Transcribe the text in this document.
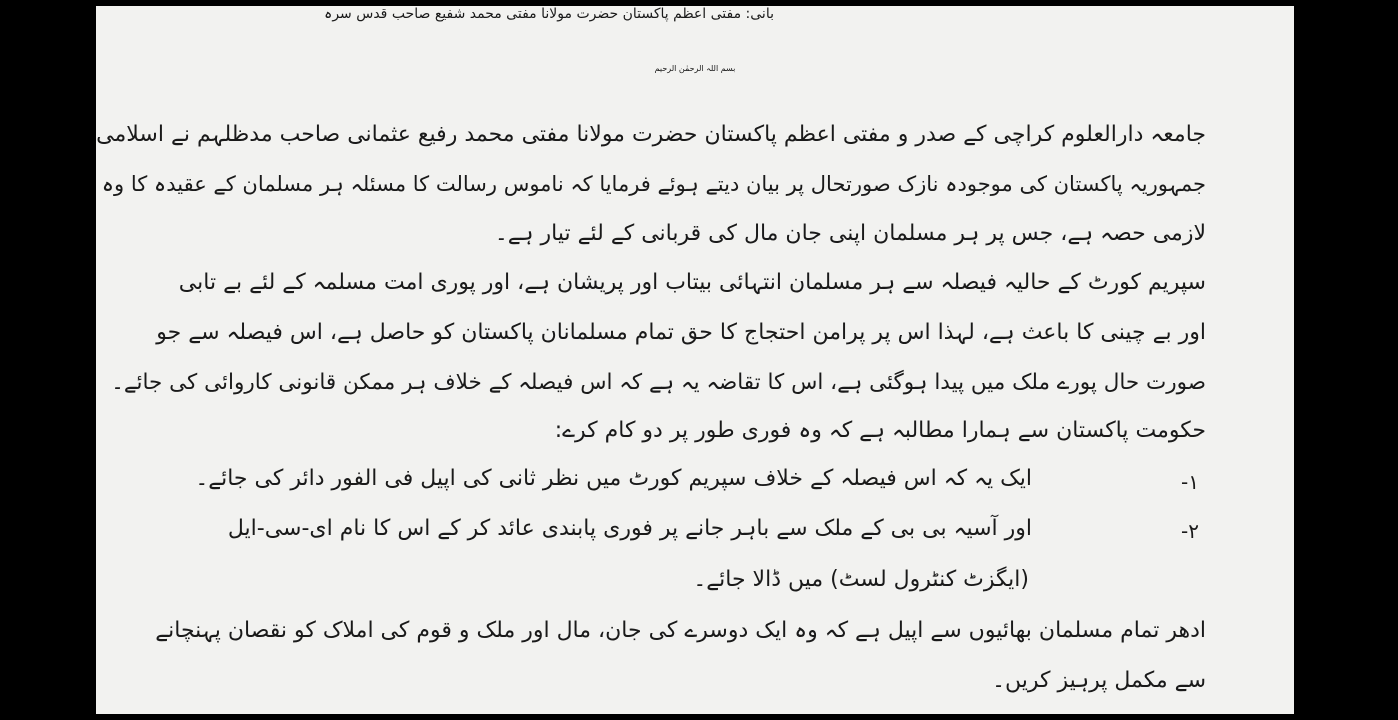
بانی: مفتی اعظم پاکستان حضرت مولانا مفتی محمد شفیع صاحب قدس سرہ
بسم اللہ الرحمٰن الرحیم
جامعہ دارالعلوم کراچی کے صدر و مفتی اعظم پاکستان حضرت مولانا مفتی محمد رفیع عثمانی صاحب مدظلہم نے اسلامی
جمہوریہ پاکستان کی موجودہ نازک صورتحال پر بیان دیتے ہوئے فرمایا کہ ناموس رسالت کا مسئلہ ہر مسلمان کے عقیدہ کا وہ
لازمی حصہ ہے، جس پر ہر مسلمان اپنی جان مال کی قربانی کے لئے تیار ہے۔
سپریم کورٹ کے حالیہ فیصلہ سے ہر مسلمان انتہائی بیتاب اور پریشان ہے، اور پوری امت مسلمہ کے لئے بے تابی
اور بے چینی کا باعث ہے، لہذا اس پر پرامن احتجاج کا حق تمام مسلمانان پاکستان کو حاصل ہے، اس فیصلہ سے جو
صورت حال پورے ملک میں پیدا ہوگئی ہے، اس کا تقاضہ یہ ہے کہ اس فیصلہ کے خلاف ہر ممکن قانونی کاروائی کی جائے۔
حکومت پاکستان سے ہمارا مطالبہ ہے کہ وہ فوری طور پر دو کام کرے:
۱-
ایک یہ کہ اس فیصلہ کے خلاف سپریم کورٹ میں نظر ثانی کی اپیل فی الفور دائر کی جائے۔
۲-
اور آسیہ بی بی کے ملک سے باہر جانے پر فوری پابندی عائد کر کے اس کا نام ای-سی-ایل
(ایگزٹ کنٹرول لسٹ) میں ڈالا جائے۔
ادھر تمام مسلمان بھائیوں سے اپیل ہے کہ وہ ایک دوسرے کی جان، مال اور ملک و قوم کی املاک کو نقصان پہنچانے
سے مکمل پرہیز کریں۔
